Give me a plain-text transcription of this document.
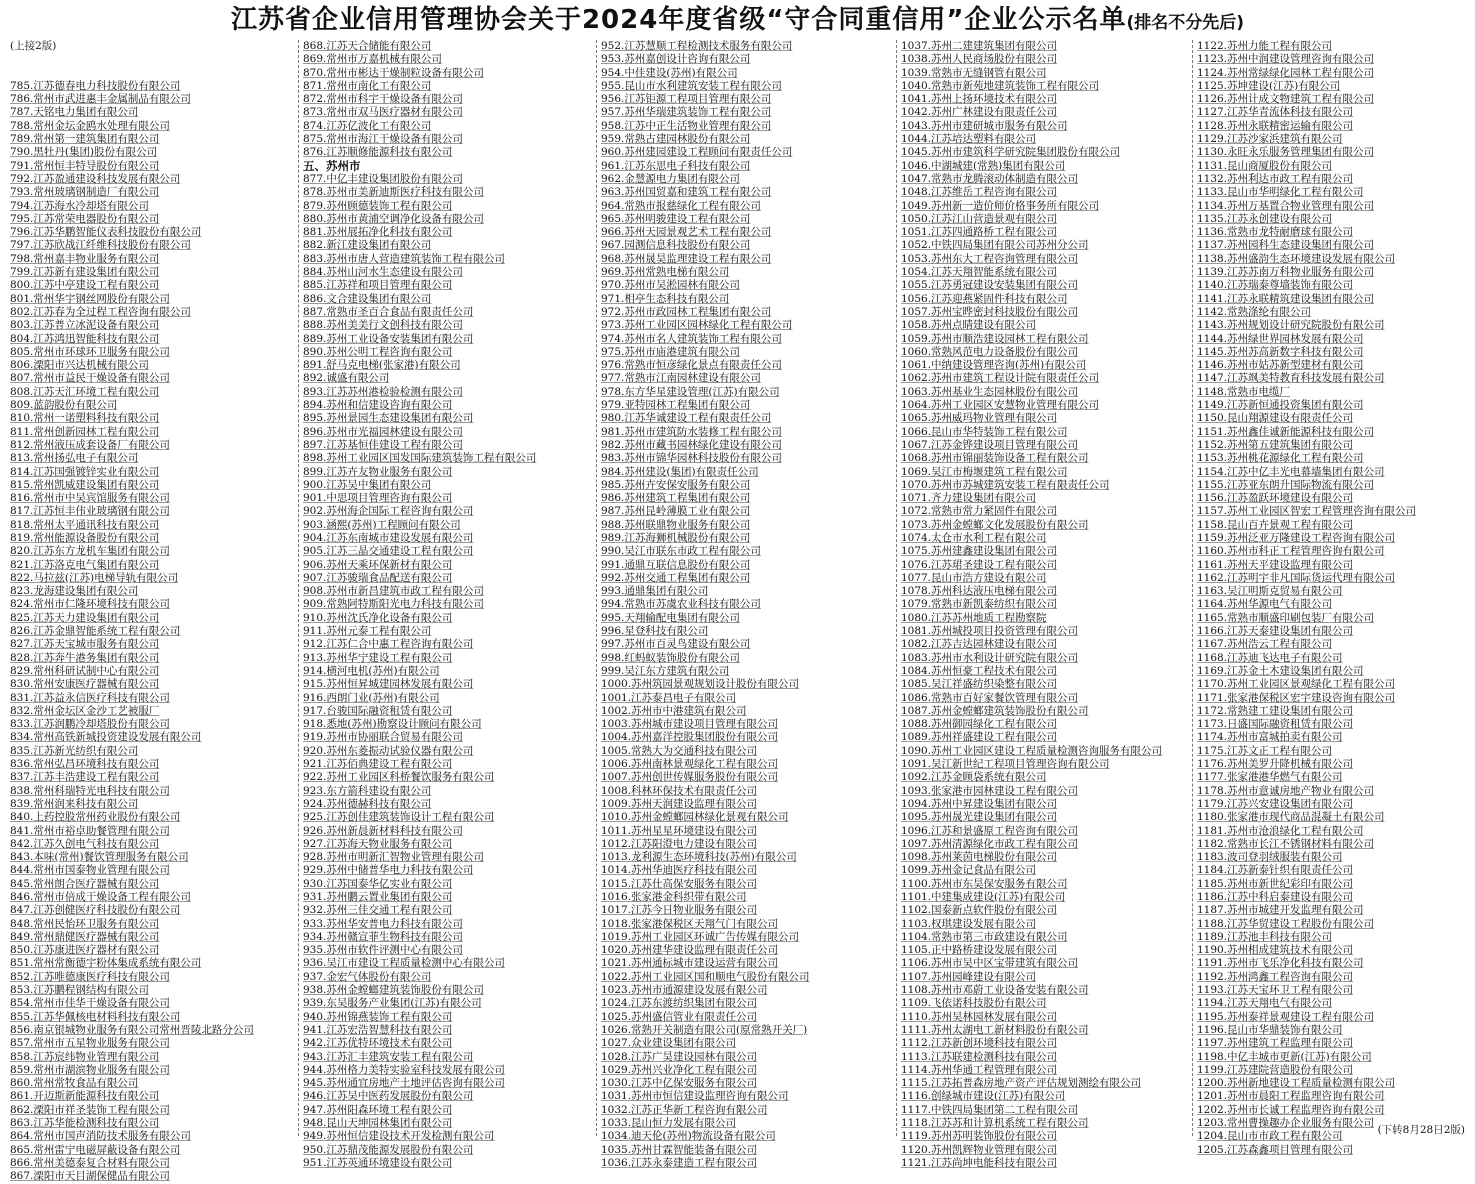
江苏省企业信用管理协会关于2024年度省级“守合同重信用”企业公示名单(排名不分先后)
(上接2版)
785.江苏德春电力科技股份有限公司
786.常州市武进惠丰金属制品有限公司
787.天铭电力集团有限公司
788.常州金坛金鸥水处理有限公司
789.常州第一建筑集团有限公司
790.黑牡丹(集团)股份有限公司
791.常州恒丰特导股份有限公司
792.江苏盈通建设科技发展有限公司
793.常州玻璃钢制造厂有限公司
794.江苏海水冷却塔有限公司
795.江苏常荣电器股份有限公司
796.江苏华鹏智能仪表科技股份有限公司
797.江苏欣战江纤维科技股份有限公司
798.常州嘉丰物业服务有限公司
799.江苏新有建设集团有限公司
800.江苏中亭建设工程有限公司
801.常州华宇钢丝网股份有限公司
802.江苏春为全过程工程咨询有限公司
803.江苏普立冰泥设备有限公司
804.江苏鸿迅智能科技有限公司
805.常州市环球环卫服务有限公司
806.溧阳市兴达机械有限公司
807.常州市益民干燥设备有限公司
808.江苏天汇环境工程有限公司
809.蓝韵股份有限公司
810.常州一诺塑料科技有限公司
811.常州创新园林工程有限公司
812.常州液压成套设备厂有限公司
813.常州扬弘电子有限公司
814.江苏国强镀锌实业有限公司
815.常州凯威建设集团有限公司
816.常州市中吴宾馆服务有限公司
817.江苏恒丰伟业玻璃钢有限公司
818.常州太平通讯科技有限公司
819.常州能源设备股份有限公司
820.江苏东方龙机车集团有限公司
821.江苏洛克电气集团有限公司
822.马拉兹(江苏)电梯导轨有限公司
823.龙海建设集团有限公司
824.常州市仁隆环境科技有限公司
825.江苏天力建设集团有限公司
826.江苏金鼎智能系统工程有限公司
827.江苏天宝城市服务有限公司
828.江苏奔牛港务集团有限公司
829.常州科研试制中心有限公司
830.常州安康医疗器械有限公司
831.江苏益永信医疗科技有限公司
832.常州金坛区金沙工艺被服厂
833.江苏润鹏冷却塔股份有限公司
834.常州高铁新城投资建设发展有限公司
835.江苏新光纺织有限公司
836.常州弘昌环境科技有限公司
837.江苏丰浩建设工程有限公司
838.常州科瑞特光电科技有限公司
839.常州润来科技有限公司
840.上药控股常州药业股份有限公司
841.常州市裕卓助餐管理有限公司
842.江苏久创电气科技有限公司
843.本味(常州)餐饮管理服务有限公司
844.常州市国泰物业管理有限公司
845.常州朗合医疗器械有限公司
846.常州市倍成干燥设备工程有限公司
847.江苏创健医疗科技股份有限公司
848.常州民怡环卫服务有限公司
849.常州鼎健医疗器械有限公司
850.江苏康进医疗器材有限公司
851.常州常衡德宇粉体集成系统有限公司
852.江苏唯德康医疗科技有限公司
853.江苏鹏程钢结构有限公司
854.常州市佳华干燥设备有限公司
855.江苏华佩核电材料科技有限公司
856.南京银城物业服务有限公司常州晋陵北路分公司
857.常州市五星物业服务有限公司
858.江苏宸纬物业管理有限公司
859.常州市湖滨物业服务有限公司
860.常州常牧食品有限公司
861.开迈斯新能源科技有限公司
862.溧阳市祥圣装饰工程有限公司
863.江苏华能检测科技有限公司
864.常州市国声消防技术服务有限公司
865.常州雷宁电磁屏蔽设备有限公司
866.常州美德泰复合材料有限公司
867.溧阳市天目湖保健品有限公司
868.江苏天合储能有限公司
869.常州市万嘉机械有限公司
870.常州市彬达干燥制粒设备有限公司
871.常州市南化工有限公司
872.常州市科宇干燥设备有限公司
873.常州市双马医疗器材有限公司
874.江苏亿波化工有限公司
875.常州市海江干燥设备有限公司
876.江苏顺修能源科技有限公司
五、苏州市
877.中亿丰建设集团股份有限公司
878.苏州市美新迪斯医疗科技有限公司
879.苏州顾德装饰工程有限公司
880.苏州市黄浦空调净化设备有限公司
881.苏州展拓净化科技有限公司
882.新江建设集团有限公司
883.苏州市唐人营造建筑装饰工程有限公司
884.苏州山河水生态建设有限公司
885.江苏祥和项目管理有限公司
886.文合建设集团有限公司
887.常熟市圣百合食品有限责任公司
888.苏州美美行文创科技有限公司
889.苏州工业设备安装集团有限公司
890.苏州公明工程咨询有限公司
891.舒马克电梯(张家港)有限公司
892.诚盛有限公司
893.江苏苏州港检验检测有限公司
894.苏州和信建设咨询有限公司
895.苏州景园生态建设集团有限公司
896.苏州市光福园林建设有限公司
897.江苏基恒佳建设工程有限公司
898.苏州工业园区国发国际建筑装饰工程有限公司
899.江苏卉友物业服务有限公司
900.江苏吴中集团有限公司
901.中思项目管理咨询有限公司
902.苏州海企国际工程咨询有限公司
903.涵熙(苏州)工程顾问有限公司
904.江苏东南城市建设发展有限公司
905.江苏三晶交通建设工程有限公司
906.苏州天乘环保新材有限公司
907.江苏骏瑞食品配送有限公司
908.苏州市新昌建筑市政工程有限公司
909.常熟阿特斯阳光电力科技有限公司
910.苏州沈氏净化设备有限公司
911.苏州元泰工程有限公司
912.江苏仁合中惠工程咨询有限公司
913.苏州华宁建设工程有限公司
914.横河电机(苏州)有限公司
915.苏州恒昇城建园林发展有限公司
916.西朗门业(苏州)有限公司
917.台骏国际融资租赁有限公司
918.悉地(苏州)勘察设计顾问有限公司
919.苏州市协丽联合贸易有限公司
920.苏州东菱振动试验仪器有限公司
921.江苏佰典建设工程有限公司
922.苏州工业园区科桥餐饮服务有限公司
923.东方箭科建设有限公司
924.苏州德赫科技有限公司
925.江苏创佳建筑装饰设计工程有限公司
926.苏州新晨新材料科技有限公司
927.江苏海天物业服务有限公司
928.苏州市明新汇智物业管理有限公司
929.苏州中储普华电力科技有限公司
930.江苏国泰华亿实业有限公司
931.苏州鹏云置业集团有限公司
932.苏州三佳交通工程有限公司
933.苏州华安普电力科技有限公司
934.苏州赣宣菲生物科技有限公司
935.苏州市软件评测中心有限公司
936.吴江市建设工程质量检测中心有限公司
937.金宏气体股份有限公司
938.苏州金螳螂建筑装饰股份有限公司
939.东吴服务产业集团(江苏)有限公司
940.苏州锦燕装饰工程有限公司
941.江苏宏浩智慧科技有限公司
942.江苏优特环境技术有限公司
943.江苏汇丰建筑安装工程有限公司
944.苏州格力美特实验室科技发展有限公司
945.苏州通宜房地产土地评估咨询有限公司
946.江苏吴中医药发展股份有限公司
947.苏州阳森环境工程有限公司
948.昆山天坤园林集团有限公司
949.苏州恒信建设技术开发检测有限公司
950.江苏鼎茂能源发展股份有限公司
951.江苏英通环境建设有限公司
952.江苏慧顺工程检测技术服务有限公司
953.苏州嘉创设计咨询有限公司
954.中佳建设(苏州)有限公司
955.昆山市水利建筑安装工程有限公司
956.江苏钜源工程项目管理有限公司
957.苏州华瑞建筑装饰工程有限公司
958.江苏中正生活物业管理有限公司
959.常熟古建园林股份有限公司
960.苏州建园建设工程顾问有限责任公司
961.江苏东思电子科技有限公司
962.金慧源电力集团有限公司
963.苏州国贸嘉和建筑工程有限公司
964.常熟市报慈绿化工程有限公司
965.苏州明骏建设工程有限公司
966.苏州天园景观艺术工程有限公司
967.园测信息科技股份有限公司
968.苏州晟昊监理建设工程有限公司
969.苏州常熟电梯有限公司
970.苏州市吴淞园林有限公司
971.相亭生态科技有限公司
972.苏州市政园林工程集团有限公司
973.苏州工业园区园林绿化工程有限公司
974.苏州市名人建筑装饰工程有限公司
975.苏州市庙港建筑有限公司
976.常熟市恒彦绿化景点有限责任公司
977.常熟市江南园林建设有限公司
978.东方华星建设管理(江苏)有限公司
979.亚特园林工程集团有限公司
980.江苏华诚建设工程有限责任公司
981.苏州市建筑防水装修工程有限公司
982.苏州市藏书园林绿化建设有限公司
983.苏州市锦华园林科技股份有限公司
984.苏州建设(集团)有限责任公司
985.苏州卉安保安服务有限公司
986.苏州建筑工程集团有限公司
987.苏州昆岭薄膜工业有限公司
988.苏州联鼎物业服务有限公司
989.江苏海狮机械股份有限公司
990.吴江市联东市政工程有限公司
991.通鼎互联信息股份有限公司
992.苏州交通工程集团有限公司
993.通鼎集团有限公司
994.常熟市苏虞农业科技有限公司
995.天翔输配电集团有限公司
996.星登科技有限公司
997.苏州市百灵鸟建设有限公司
998.红蚂蚁装饰股份有限公司
999.吴江东方建筑有限公司
1000.苏州筑园景观规划设计股份有限公司
1001.江苏泰昌电子有限公司
1002.苏州市中港建筑有限公司
1003.苏州城市建设项目管理有限公司
1004.苏州嘉洋控股集团股份有限公司
1005.常熟大为交通科技有限公司
1006.苏州南林景观绿化工程有限公司
1007.苏州创世传媒服务股份有限公司
1008.科林环保技术有限责任公司
1009.苏州天润建设监理有限公司
1010.苏州金螳螂园林绿化景观有限公司
1011.苏州星星环境建设有限公司
1012.江苏阳澄电力建设有限公司
1013.龙利源生态环境科技(苏州)有限公司
1014.苏州华迪医疗科技有限公司
1015.江苏仕高保安服务有限公司
1016.张家港金科织带有限公司
1017.江苏今日物业服务有限公司
1018.张家港保税区天翔气门有限公司
1019.苏州工业园区环诚广告传媒有限公司
1020.苏州建华建设监理有限责任公司
1021.苏州通标城市建设运营有限公司
1022.苏州工业园区国和顺电气股份有限公司
1023.苏州市通源建设发展有限公司
1024.江苏东渡纺织集团有限公司
1025.苏州盛信管业有限责任公司
1026.常熟开关制造有限公司(原常熟开关厂)
1027.众业建设集团有限公司
1028.江苏广昊建设园林有限公司
1029.苏州兴业净化工程有限公司
1030.江苏中亿保安服务有限公司
1031.苏州市恒信建设监理咨询有限公司
1032.江苏正华新工程咨询有限公司
1033.昆山恒力发展有限公司
1034.迪天伦(苏州)物流设备有限公司
1035.苏州甘霖智能装备有限公司
1036.江苏永泰建造工程有限公司
1037.苏州二建建筑集团有限公司
1038.苏州人民商场股份有限公司
1039.常熟市无缝钢管有限公司
1040.常熟市新苑地建筑装饰工程有限公司
1041.苏州上扬环境技术有限公司
1042.苏州广林建设有限责任公司
1043.苏州市建研城市服务有限公司
1044.江苏培达塑料有限公司
1045.苏州市建筑科学研究院集团股份有限公司
1046.中湖城建(常熟)集团有限公司
1047.常熟市龙腾滚动体制造有限公司
1048.江苏维岳工程咨询有限公司
1049.苏州新一造价师价格事务所有限公司
1050.江苏江山营造景观有限公司
1051.江苏四通路桥工程有限公司
1052.中铁四局集团有限公司苏州分公司
1053.苏州东大工程咨询管理有限公司
1054.江苏天翔智能系统有限公司
1055.江苏勇冠建设安装集团有限公司
1056.江苏迎燕紧固件科技有限公司
1057.苏州宝晔密封科技股份有限公司
1058.苏州点睛建设有限公司
1059.苏州市顺浩建设园林工程有限公司
1060.常熟风范电力设备股份有限公司
1061.中纳建设管理咨询(苏州)有限公司
1062.苏州市建筑工程设计院有限责任公司
1063.苏州基业生态园林股份有限公司
1064.苏州工业园区安慧物业管理有限公司
1065.苏州威玛物业管理有限公司
1066.昆山市华特装饰工程有限公司
1067.江苏金铧建设项目管理有限公司
1068.苏州市锦丽装饰设备工程有限公司
1069.吴江市梅堰建筑工程有限公司
1070.苏州市苏城建筑安装工程有限责任公司
1071.齐力建设集团有限公司
1072.常熟市常力紧固件有限公司
1073.苏州金螳螂文化发展股份有限公司
1074.太仓市水利工程有限公司
1075.苏州建鑫建设集团有限公司
1076.江苏珺圣建设工程有限公司
1077.昆山市浩方建设有限公司
1078.苏州科达液压电梯有限公司
1079.常熟市新凯泰纺织有限公司
1080.江苏苏州地质工程勘察院
1081.苏州城投项目投资管理有限公司
1082.江苏吉达园林建设有限公司
1083.苏州市水利设计研究院有限公司
1084.苏州恒豪工程技术有限公司
1085.吴江祥盛纺织染整有限公司
1086.常熟市百好家餐饮管理有限公司
1087.苏州金螳螂建筑装饰股份有限公司
1088.苏州御园绿化工程有限公司
1089.苏州祥盛建设工程有限公司
1090.苏州工业园区建设工程质量检测咨询服务有限公司
1091.吴江新世纪工程项目管理咨询有限公司
1092.江苏金顾袋系统有限公司
1093.张家港市园林建设工程有限公司
1094.苏州中昇建设集团有限公司
1095.苏州晟光建设集团有限公司
1096.江苏和景盛原工程咨询有限公司
1097.苏州清源绿化市政工程有限公司
1098.苏州莱茵电梯股份有限公司
1099.苏州金记食品有限公司
1100.苏州市东昊保安服务有限公司
1101.中建集成建设(江苏)有限公司
1102.国泰新点软件股份有限公司
1103.权琪建设发展有限公司
1104.常熟市第三市政建设有限公司
1105.正中路桥建设发展有限公司
1106.苏州市吴中区宝带建筑有限公司
1107.苏州园峰建设有限公司
1108.苏州市邓蔚工业设备安装有限公司
1109.飞依诺科技股份有限公司
1110.苏州吴林园林发展有限公司
1111.苏州太湖电工新材料股份有限公司
1112.江苏新创环境科技有限公司
1113.江苏联建检测科技有限公司
1114.苏州华通工程管理有限公司
1115.江苏拓普森房地产资产评估规划测绘有限公司
1116.创绿城市建设(江苏)有限公司
1117.中铁四局集团第二工程有限公司
1118.江苏苏和计算机系统工程有限公司
1119.苏州苏明装饰股份有限公司
1120.苏州凯辉物业管理有限公司
1121.江苏尚坤电能科技有限公司
1122.苏州力能工程有限公司
1123.苏州中润建设管理咨询有限公司
1124.苏州常绿绿化园林工程有限公司
1125.苏坤建设(江苏)有限公司
1126.苏州计成文物建筑工程有限公司
1127.江苏华青流体科技有限公司
1128.苏州永联精密运输有限公司
1129.江苏沙家浜建筑有限公司
1130.永旺永乐服务管理集团有限公司
1131.昆山商厦股份有限公司
1132.苏州利达市政工程有限公司
1133.昆山市华明绿化工程有限公司
1134.苏州万基置合物业管理有限公司
1135.江苏永创建设有限公司
1136.常熟市龙特耐磨球有限公司
1137.苏州园科生态建设集团有限公司
1138.苏州盛韵生态环境建设发展有限公司
1139.江苏苏南万科物业服务有限公司
1140.江苏瑞泰尊墙装饰有限公司
1141.江苏永联精筑建设集团有限公司
1142.常熟涤纶有限公司
1143.苏州规划设计研究院股份有限公司
1144.苏州绿世界园林发展有限公司
1145.苏州苏高新数字科技有限公司
1146.苏州市姑苏新型建材有限公司
1147.江苏飒美特教育科技发展有限公司
1148.常熟市电缆厂
1149.江苏新恒通投资集团有限公司
1150.昆山翔源建设有限责任公司
1151.苏州鑫佳诚新能源科技有限公司
1152.苏州第五建筑集团有限公司
1153.苏州桃花源绿化工程有限公司
1154.江苏中亿丰光电幕墙集团有限公司
1155.江苏亚东朗升国际物流有限公司
1156.江苏盈跃环境建设有限公司
1157.苏州工业园区智宏工程管理咨询有限公司
1158.昆山百卉景观工程有限公司
1159.苏州泛亚万隆建设工程咨询有限公司
1160.苏州市科正工程管理咨询有限公司
1161.苏州天平建设监理有限公司
1162.江苏明宇非凡国际货运代理有限公司
1163.吴江明斯克贸易有限公司
1164.苏州华源电气有限公司
1165.常熟市顺盛印刷包装厂有限公司
1166.江苏天泰建设集团有限公司
1167.苏州浩云工程有限公司
1168.江苏迪飞达电子有限公司
1169.江苏金土木建设集团有限公司
1170.苏州工业园区景观绿化工程有限公司
1171.张家港保税区宏宇建设咨询有限公司
1172.常熟建工建设集团有限公司
1173.日盛国际融资租赁有限公司
1174.苏州市富城拍卖有限公司
1175.江苏文正工程有限公司
1176.苏州美罗升降机械有限公司
1177.张家港港华燃气有限公司
1178.苏州市意诚房地产物业有限公司
1179.江苏兴安建设集团有限公司
1180.张家港市现代商品混凝土有限公司
1181.苏州市沧浪绿化工程有限公司
1182.常熟市长江不锈钢材料有限公司
1183.波司登羽绒服装有限公司
1184.江苏新泰针织有限责任公司
1185.苏州市新世纪彩印有限公司
1186.江苏中科启泰建设有限公司
1187.苏州市城建开发监理有限公司
1188.江苏华贸建设工程股份有限公司
1189.江苏池丰科技有限公司
1190.苏州相成建筑技术有限公司
1191.苏州市飞乐净化科技有限公司
1192.苏州鸿鑫工程咨询有限公司
1193.江苏天宝环卫工程有限公司
1194.江苏天翔电气有限公司
1195.苏州泰祥景观建设工程有限公司
1196.昆山市华鼎装饰有限公司
1197.苏州建筑工程监理有限公司
1198.中亿丰城市更新(江苏)有限公司
1199.江苏建院营造股份有限公司
1200.苏州新地建设工程质量检测有限公司
1201.苏州市晨阳工程监理咨询有限公司
1202.苏州市长诚工程监理咨询有限公司
1203.常州曹操趣办企业服务有限公司
1204.昆山市市政工程有限公司
1205.江苏森鑫项目管理有限公司
(下转8月28日2版)
